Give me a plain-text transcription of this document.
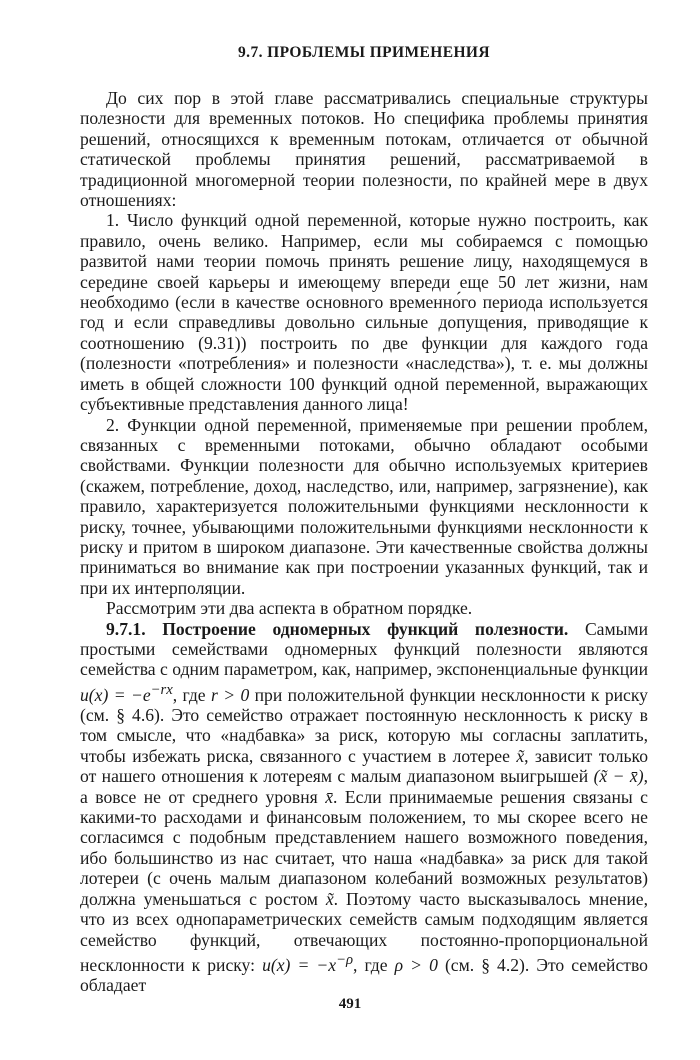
9.7. ПРОБЛЕМЫ ПРИМЕНЕНИЯ

До сих пор в этой главе рассматривались специальные структуры полезности для временных потоков. Но специфика проблемы принятия решений, относящихся к временным потокам, отличается от обычной статической проблемы принятия решений, рассматриваемой в традиционной многомерной теории полезности, по крайней мере в двух отношениях:

1. Число функций одной переменной, которые нужно построить, как правило, очень велико. Например, если мы собираемся с помощью развитой нами теории помочь принять решение лицу, находящемуся в середине своей карьеры и имеющему впереди еще 50 лет жизни, нам необходимо (если в качестве основного временно́го периода используется год и если справедливы довольно сильные допущения, приводящие к соотношению (9.31)) построить по две функции для каждого года (полезности «потребления» и полезности «наследства»), т. е. мы должны иметь в общей сложности 100 функций одной переменной, выражающих субъективные представления данного лица!

2. Функции одной переменной, применяемые при решении проблем, связанных с временными потоками, обычно обладают особыми свойствами. Функции полезности для обычно используемых критериев (скажем, потребление, доход, наследство, или, например, загрязнение), как правило, характеризуется положительными функциями несклонности к риску, точнее, убывающими положительными функциями несклонности к риску и притом в широком диапазоне. Эти качественные свойства должны приниматься во внимание как при построении указанных функций, так и при их интерполяции.

Рассмотрим эти два аспекта в обратном порядке.

9.7.1. Построение одномерных функций полезности. Самыми простыми семействами одномерных функций полезности являются семейства с одним параметром, как, например, экспоненциальные функции $u(x) = -e^{-rx}$, где r > 0 при положительной функции несклонности к риску (см. § 4.6). Это семейство отражает постоянную несклонность к риску в том смысле, что «надбавка» за риск, которую мы согласны заплатить, чтобы избежать риска, связанного с участием в лотерее x̃, зависит только от нашего отношения к лотереям с малым диапазоном выигрышей (x̃ − x̄), а вовсе не от среднего уровня x̄. Если принимаемые решения связаны с какими-то расходами и финансовым положением, то мы скорее всего не согласимся с подобным представлением нашего возможного поведения, ибо большинство из нас считает, что наша «надбавка» за риск для такой лотереи (с очень малым диапазоном колебаний возможных результатов) должна уменьшаться с ростом x̃. Поэтому часто высказывалось мнение, что из всех однопараметрических семейств самым подходящим является семейство функций, отвечающих постоянно-пропорциональной несклонности к риску: $u(x) = -x^{-\rho}$, где ρ > 0 (см. § 4.2). Это семейство обладает

491
